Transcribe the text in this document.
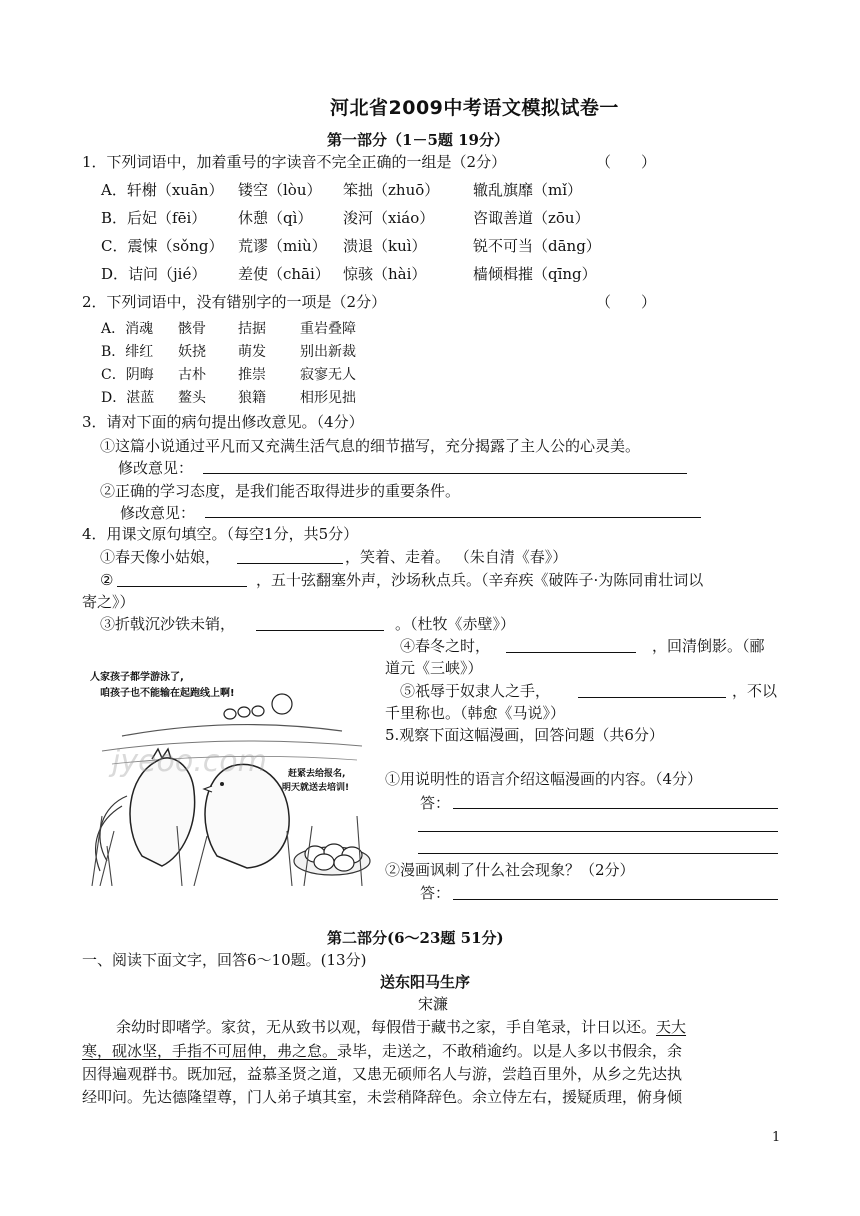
河北省2009中考语文模拟试卷一
第一部分（1－5题 19分）
1．下列词语中，加着重号的字读音不完全正确的一组是（2分）	（　　）
A．轩榭（xuān） 镂空（lòu） 笨拙（zhuō） 辙乱旗靡（mǐ）
B．后妃（fēi） 休憩（qì） 浚河（xiáo）	咨诹善道（zōu）
C．震悚（sǒng） 荒谬（miù） 溃退（kuì）	锐不可当（dāng）
D．诘问（jié） 差使（chāi） 惊骇（hài）	樯倾楫摧（qīng）
2．下列词语中，没有错别字的一项是（2分）	（　　）
A．消魂 骸骨 拮据 重岩叠障
B．绯红 妖挠 萌发 别出新裁
C．阴晦 古朴 推崇 寂寥无人
D．湛蓝 鳌头 狼籍 相形见拙
3．请对下面的病句提出修改意见。（4分）
①这篇小说通过平凡而又充满生活气息的细节描写，充分揭露了主人公的心灵美。
修改意见：
②正确的学习态度，是我们能否取得进步的重要条件。
修改意见：
4．用课文原句填空。（每空1分，共5分）
①春天像小姑娘，	，笑着、走着。 （朱自清《春》）
②	，五十弦翻塞外声，沙场秋点兵。（辛弃疾《破阵子·为陈同甫壮词以
寄之》）
③折戟沉沙铁未销，	。（杜牧《赤壁》）
④春冬之时，	，回清倒影。（郦
道元《三峡》）
⑤祇辱于奴隶人之手，	，不以
千里称也。（韩愈《马说》）
5.观察下面这幅漫画，回答问题（共6分）
①用说明性的语言介绍这幅漫画的内容。（4分）
答：
②漫画讽刺了什么社会现象？（2分）
答：
人家孩子都学游泳了,
咱孩子也不能输在起跑线上啊!
赶紧去给报名,
明天就送去培训!
jyeoo.com
第二部分(6～23题 51分)
一、阅读下面文字，回答6～10题。(13分)
送东阳马生序
宋濂
余幼时即嗜学。家贫，无从致书以观，每假借于藏书之家，手自笔录，计日以还。天大
寒，砚冰坚，手指不可屈伸，弗之怠。录毕，走送之，不敢稍逾约。以是人多以书假余，余
因得遍观群书。既加冠，益慕圣贤之道，又患无硕师名人与游，尝趋百里外，从乡之先达执
经叩问。先达德隆望尊，门人弟子填其室，未尝稍降辞色。余立侍左右，援疑质理，俯身倾
1
